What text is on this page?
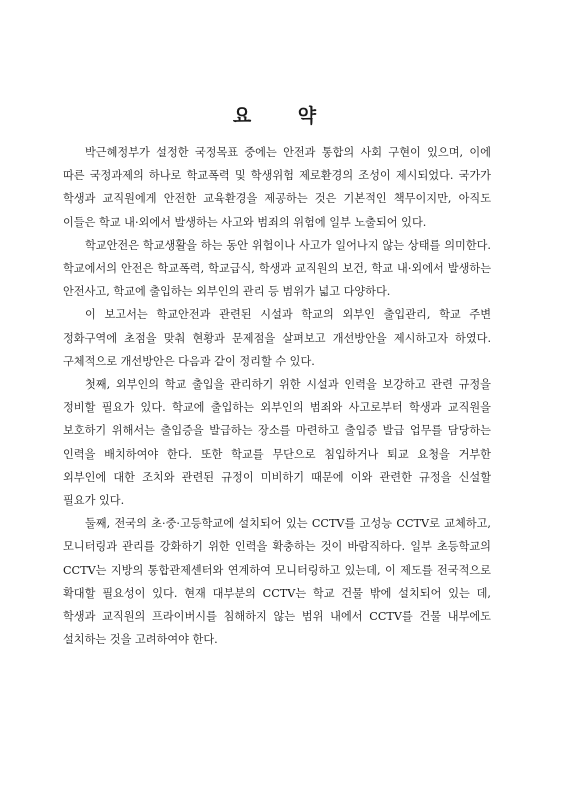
요 약

박근혜정부가 설정한 국정목표 중에는 안전과 통합의 사회 구현이 있으며, 이에 따른 국정과제의 하나로 학교폭력 및 학생위험 제로환경의 조성이 제시되었다. 국가가 학생과 교직원에게 안전한 교육환경을 제공하는 것은 기본적인 책무이지만, 아직도 이들은 학교 내·외에서 발생하는 사고와 범죄의 위험에 일부 노출되어 있다.

학교안전은 학교생활을 하는 동안 위험이나 사고가 일어나지 않는 상태를 의미한다. 학교에서의 안전은 학교폭력, 학교급식, 학생과 교직원의 보건, 학교 내·외에서 발생하는 안전사고, 학교에 출입하는 외부인의 관리 등 범위가 넓고 다양하다.

이 보고서는 학교안전과 관련된 시설과 학교의 외부인 출입관리, 학교 주변 정화구역에 초점을 맞춰 현황과 문제점을 살펴보고 개선방안을 제시하고자 하였다. 구체적으로 개선방안은 다음과 같이 정리할 수 있다.

첫째, 외부인의 학교 출입을 관리하기 위한 시설과 인력을 보강하고 관련 규정을 정비할 필요가 있다. 학교에 출입하는 외부인의 범죄와 사고로부터 학생과 교직원을 보호하기 위해서는 출입증을 발급하는 장소를 마련하고 출입증 발급 업무를 담당하는 인력을 배치하여야 한다. 또한 학교를 무단으로 침입하거나 퇴교 요청을 거부한 외부인에 대한 조치와 관련된 규정이 미비하기 때문에 이와 관련한 규정을 신설할 필요가 있다.

둘째, 전국의 초·중·고등학교에 설치되어 있는 CCTV를 고성능 CCTV로 교체하고, 모니터링과 관리를 강화하기 위한 인력을 확충하는 것이 바람직하다. 일부 초등학교의 CCTV는 지방의 통합관제센터와 연계하여 모니터링하고 있는데, 이 제도를 전국적으로 확대할 필요성이 있다. 현재 대부분의 CCTV는 학교 건물 밖에 설치되어 있는 데, 학생과 교직원의 프라이버시를 침해하지 않는 범위 내에서 CCTV를 건물 내부에도 설치하는 것을 고려하여야 한다.
